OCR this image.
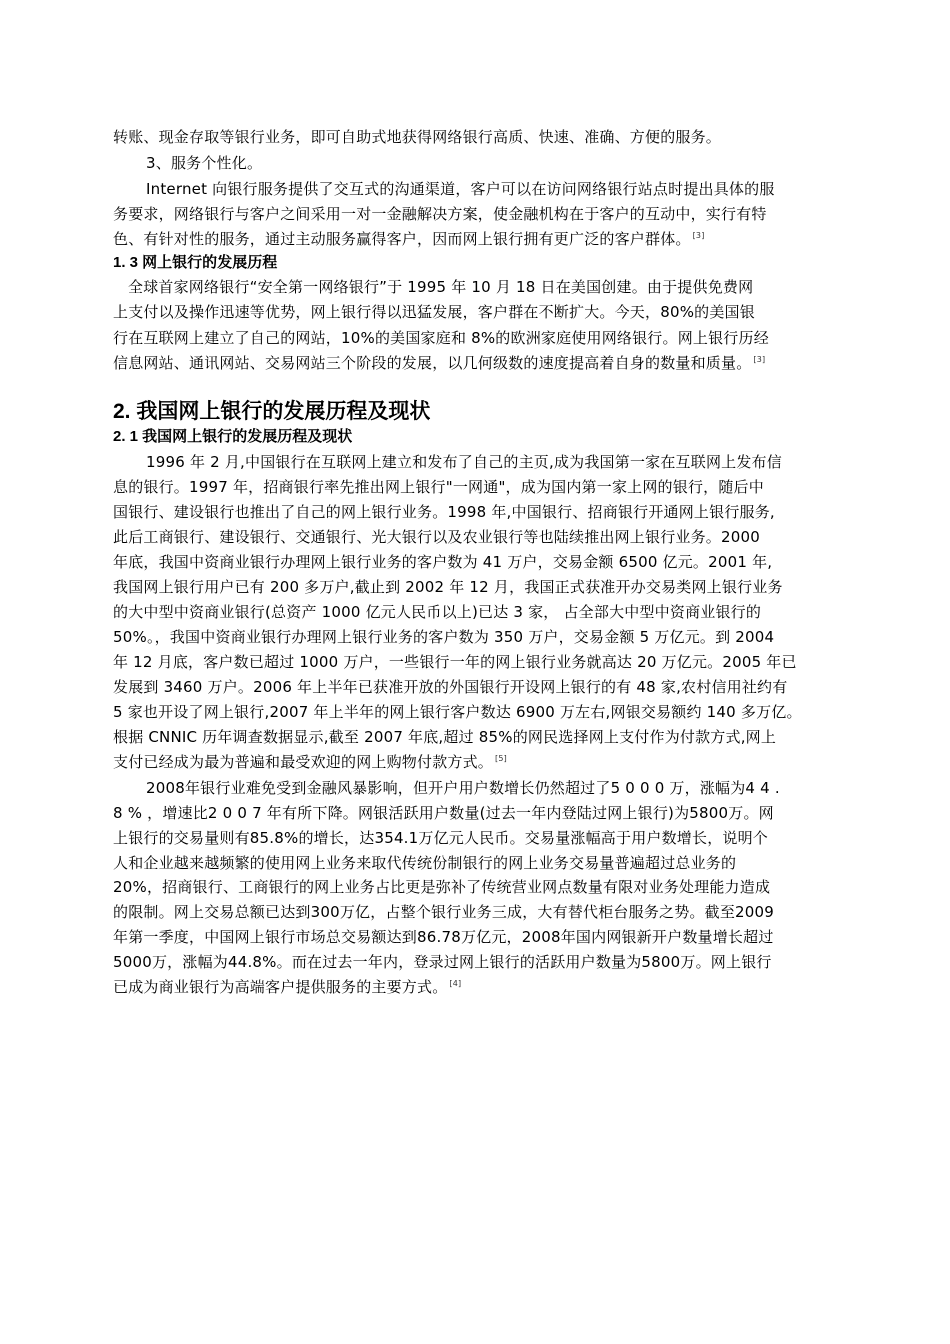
转账、现金存取等银行业务，即可自助式地获得网络银行高质、快速、准确、方便的服务。
3、服务个性化。
Internet 向银行服务提供了交互式的沟通渠道，客户可以在访问网络银行站点时提出具体的服
务要求，网络银行与客户之间采用一对一金融解决方案，使金融机构在于客户的互动中，实行有特
色、有针对性的服务，通过主动服务赢得客户，因而网上银行拥有更广泛的客户群体。 [3]
1. 3 网上银行的发展历程
全球首家网络银行“安全第一网络银行”于 1995 年 10 月 18 日在美国创建。由于提供免费网
上支付以及操作迅速等优势，网上银行得以迅猛发展，客户群在不断扩大。今天，80%的美国银
行在互联网上建立了自己的网站，10%的美国家庭和 8%的欧洲家庭使用网络银行。网上银行历经
信息网站、通讯网站、交易网站三个阶段的发展，以几何级数的速度提高着自身的数量和质量。 [3]
2. 我国网上银行的发展历程及现状
2. 1 我国网上银行的发展历程及现状
1996 年 2 月,中国银行在互联网上建立和发布了自己的主页,成为我国第一家在互联网上发布信
息的银行。1997 年，招商银行率先推出网上银行"一网通"，成为国内第一家上网的银行，随后中
国银行、建设银行也推出了自己的网上银行业务。1998 年,中国银行、招商银行开通网上银行服务,
此后工商银行、建设银行、交通银行、光大银行以及农业银行等也陆续推出网上银行业务。2000
年底，我国中资商业银行办理网上银行业务的客户数为 41 万户，交易金额 6500 亿元。2001 年,
我国网上银行用户已有 200 多万户,截止到 2002 年 12 月，我国正式获准开办交易类网上银行业务
的大中型中资商业银行(总资产 1000 亿元人民币以上)已达 3 家， 占全部大中型中资商业银行的
50%。，我国中资商业银行办理网上银行业务的客户数为 350 万户，交易金额 5 万亿元。到 2004
年 12 月底，客户数已超过 1000 万户，一些银行一年的网上银行业务就高达 20 万亿元。2005 年已
发展到 3460 万户。2006 年上半年已获准开放的外国银行开设网上银行的有 48 家,农村信用社约有
5 家也开设了网上银行,2007 年上半年的网上银行客户数达 6900 万左右,网银交易额约 140 多万亿。
根据 CNNIC 历年调查数据显示,截至 2007 年底,超过 85%的网民选择网上支付作为付款方式,网上
支付已经成为最为普遍和最受欢迎的网上购物付款方式。 [5]
2008年银行业难免受到金融风暴影响，但开户用户数增长仍然超过了5 0 0 0 万，涨幅为4 4 .
8 % ，增速比2 0 0 7 年有所下降。网银活跃用户数量(过去一年内登陆过网上银行)为5800万。网
上银行的交易量则有85.8%的增长，达354.1万亿元人民币。交易量涨幅高于用户数增长，说明个
人和企业越来越频繁的使用网上业务来取代传统份制银行的网上业务交易量普遍超过总业务的
20%，招商银行、工商银行的网上业务占比更是弥补了传统营业网点数量有限对业务处理能力造成
的限制。网上交易总额已达到300万亿，占整个银行业务三成，大有替代柜台服务之势。截至2009
年第一季度，中国网上银行市场总交易额达到86.78万亿元，2008年国内网银新开户数量增长超过
5000万，涨幅为44.8%。而在过去一年内，登录过网上银行的活跃用户数量为5800万。网上银行
已成为商业银行为高端客户提供服务的主要方式。 [4]
